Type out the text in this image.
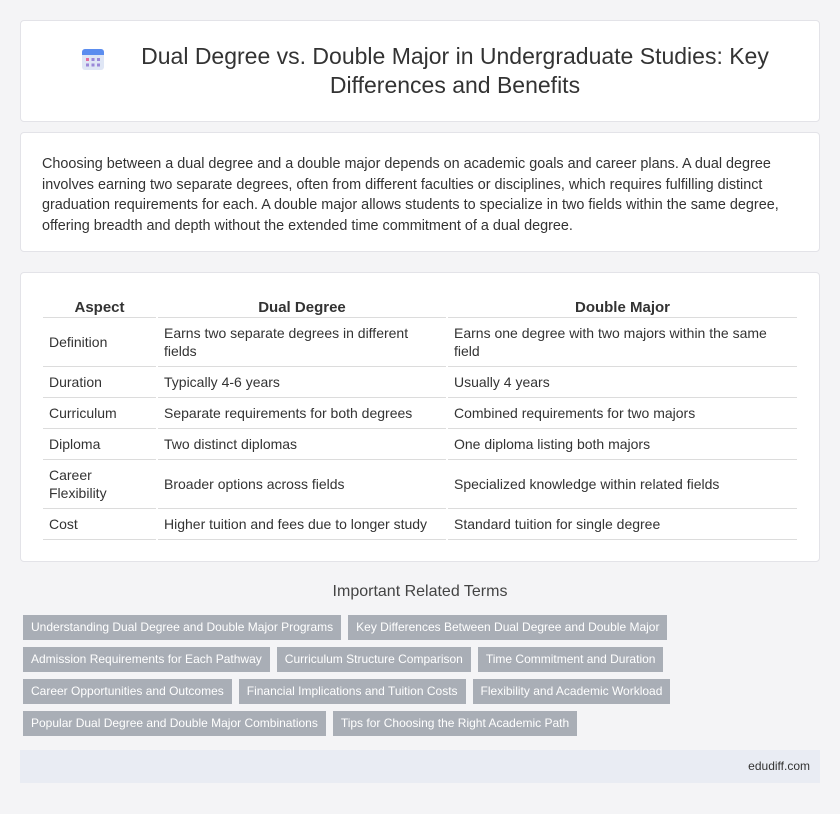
Dual Degree vs. Double Major in Undergraduate Studies: Key Differences and Benefits

Choosing between a dual degree and a double major depends on academic goals and career plans. A dual degree involves earning two separate degrees, often from different faculties or disciplines, which requires fulfilling distinct graduation requirements for each. A double major allows students to specialize in two fields within the same degree, offering breadth and depth without the extended time commitment of a dual degree.

Aspect	Dual Degree	Double Major
Definition	Earns two separate degrees in different fields	Earns one degree with two majors within the same field
Duration	Typically 4-6 years	Usually 4 years
Curriculum	Separate requirements for both degrees	Combined requirements for two majors
Diploma	Two distinct diplomas	One diploma listing both majors
Career Flexibility	Broader options across fields	Specialized knowledge within related fields
Cost	Higher tuition and fees due to longer study	Standard tuition for single degree
Important Related Terms
Understanding Dual Degree and Double Major Programs	Key Differences Between Dual Degree and Double Major
Admission Requirements for Each Pathway	Curriculum Structure Comparison	Time Commitment and Duration
Career Opportunities and Outcomes	Financial Implications and Tuition Costs	Flexibility and Academic Workload
Popular Dual Degree and Double Major Combinations	Tips for Choosing the Right Academic Path
edudiff.com
